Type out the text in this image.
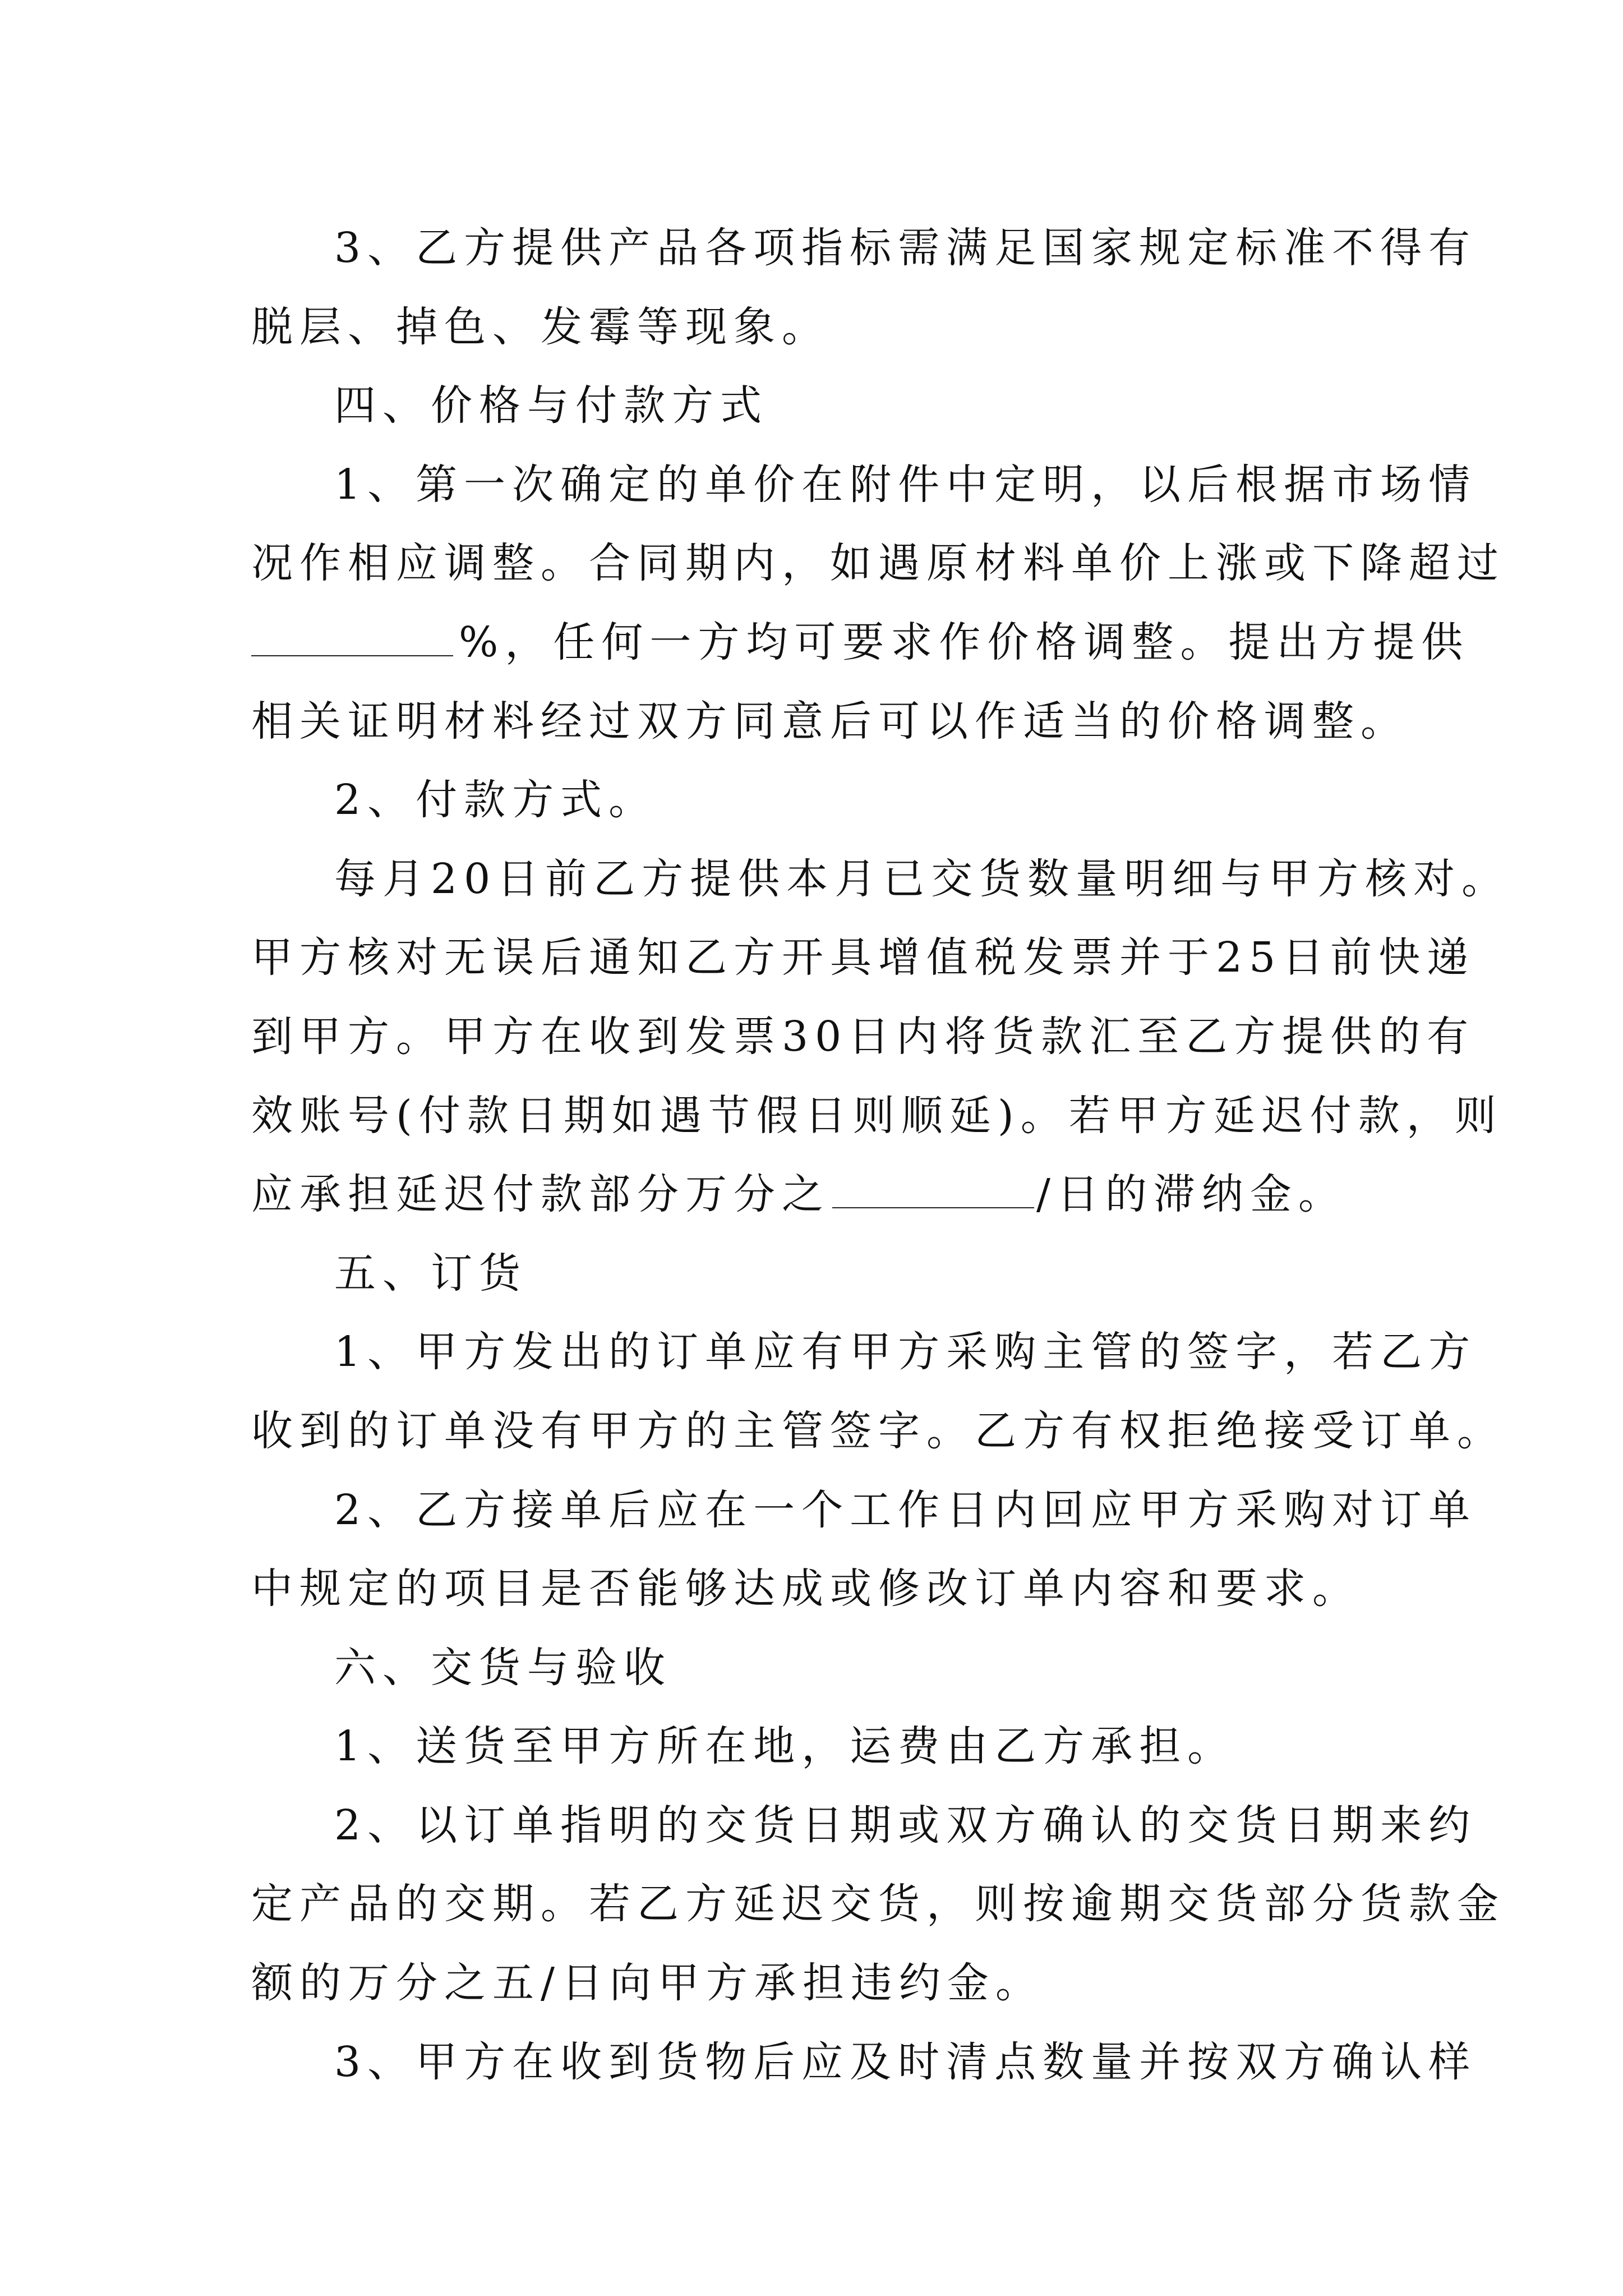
3、乙方提供产品各项指标需满足国家规定标准不得有
脱层、掉色、发霉等现象。
四、价格与付款方式
1、第一次确定的单价在附件中定明，以后根据市场情
况作相应调整。合同期内，如遇原材料单价上涨或下降超过
%，任何一方均可要求作价格调整。提出方提供
相关证明材料经过双方同意后可以作适当的价格调整。
2、付款方式。
每月20日前乙方提供本月已交货数量明细与甲方核对。
甲方核对无误后通知乙方开具增值税发票并于25日前快递
到甲方。甲方在收到发票30日内将货款汇至乙方提供的有
效账号(付款日期如遇节假日则顺延)。若甲方延迟付款，则
应承担延迟付款部分万分之	/日的滞纳金。
五、订货
1、甲方发出的订单应有甲方采购主管的签字，若乙方
收到的订单没有甲方的主管签字。乙方有权拒绝接受订单。
2、乙方接单后应在一个工作日内回应甲方采购对订单
中规定的项目是否能够达成或修改订单内容和要求。
六、交货与验收
1、送货至甲方所在地，运费由乙方承担。
2、以订单指明的交货日期或双方确认的交货日期来约
定产品的交期。若乙方延迟交货，则按逾期交货部分货款金
额的万分之五/日向甲方承担违约金。
3、甲方在收到货物后应及时清点数量并按双方确认样
